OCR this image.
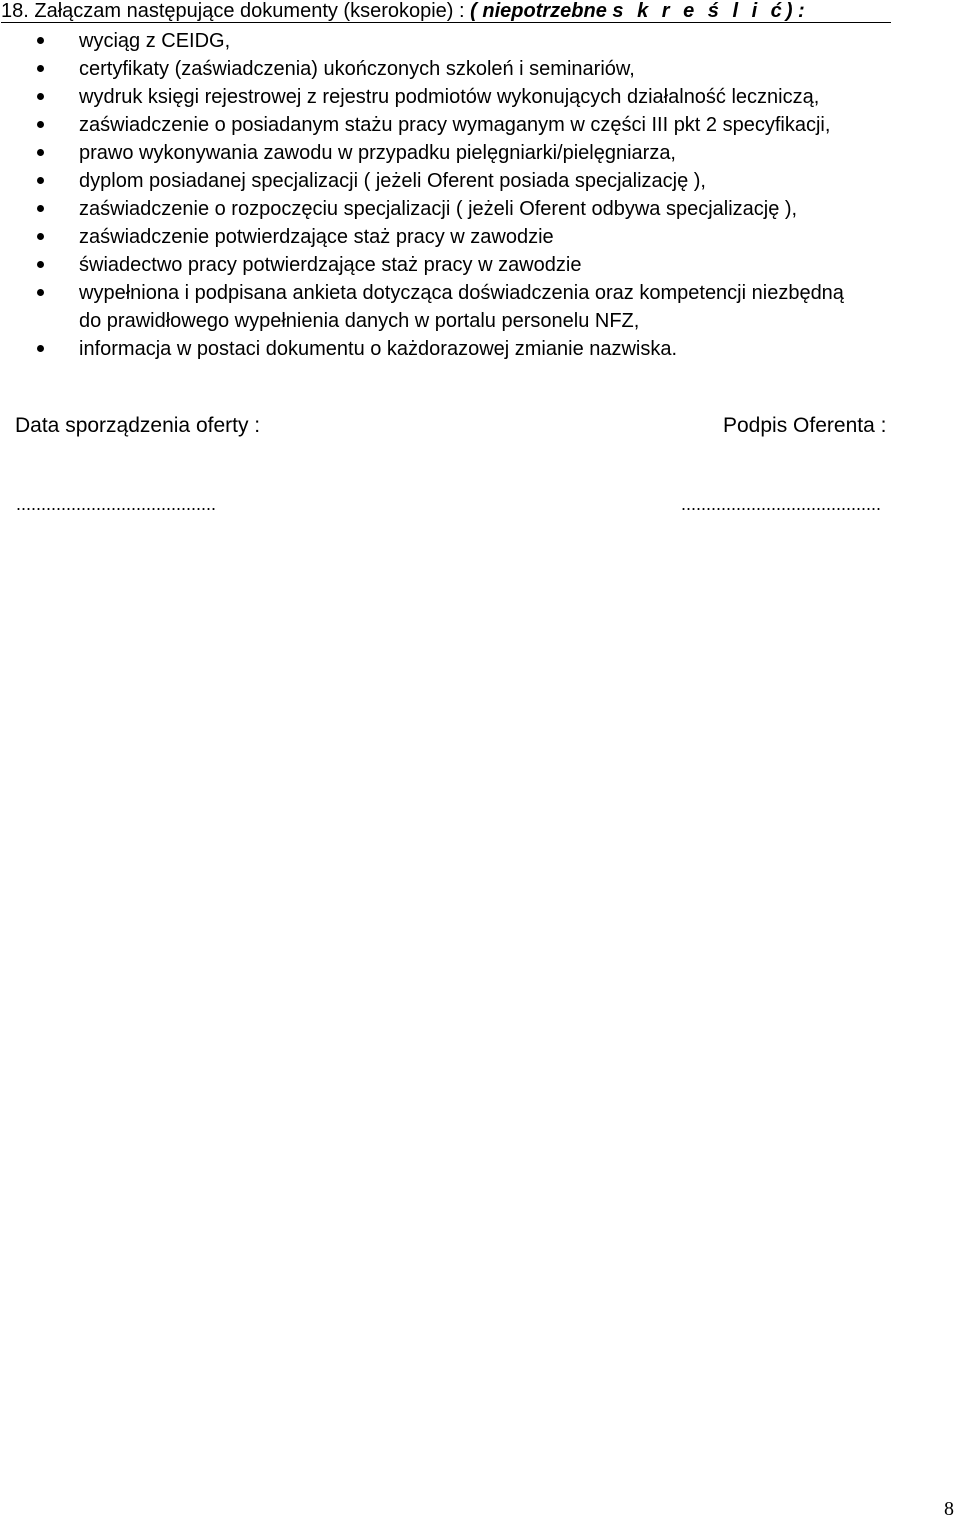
18. Załączam następujące dokumenty (kserokopie) : ( niepotrzebne s k r e ś l i ć) :
wyciąg z CEIDG,
certyfikaty (zaświadczenia) ukończonych szkoleń i seminariów,
wydruk księgi rejestrowej z rejestru podmiotów wykonujących działalność leczniczą,
zaświadczenie o posiadanym stażu pracy wymaganym w części III pkt 2 specyfikacji,
prawo wykonywania zawodu w przypadku pielęgniarki/pielęgniarza,
dyplom posiadanej specjalizacji ( jeżeli Oferent posiada specjalizację ),
zaświadczenie o rozpoczęciu specjalizacji ( jeżeli Oferent odbywa specjalizację ),
zaświadczenie potwierdzające staż pracy w zawodzie
świadectwo pracy potwierdzające staż pracy w zawodzie
wypełniona i podpisana ankieta dotycząca doświadczenia oraz kompetencji niezbędną
do prawidłowego wypełnienia danych w portalu personelu NFZ,
informacja w postaci dokumentu o każdorazowej zmianie nazwiska.
Data sporządzenia oferty :	Podpis Oferenta :
........................................	........................................
8
